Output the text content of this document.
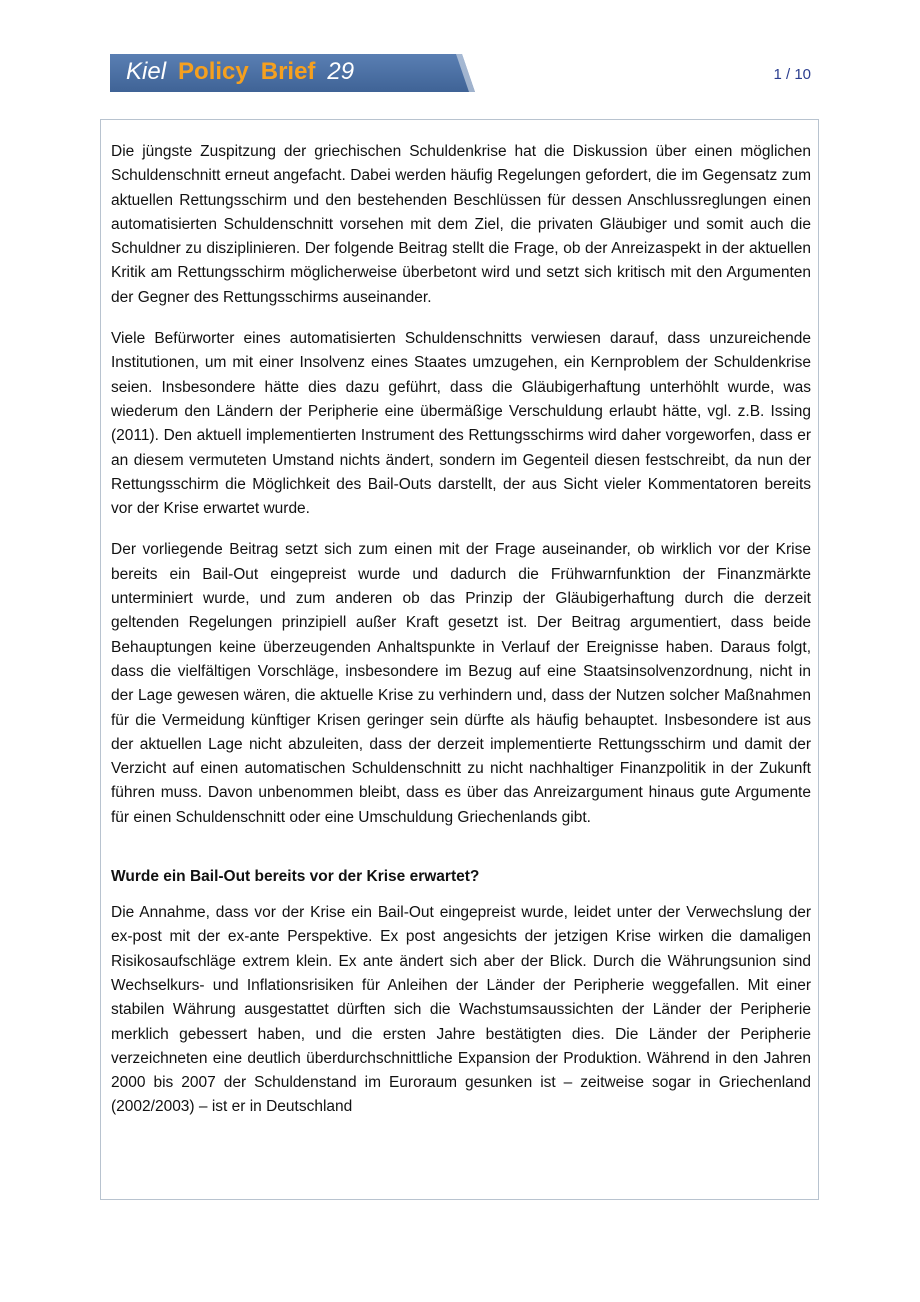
Kiel Policy Brief 29	1 / 10

Die jüngste Zuspitzung der griechischen Schuldenkrise hat die Diskussion über einen möglichen Schuldenschnitt erneut angefacht. Dabei werden häufig Regelungen gefordert, die im Gegensatz zum aktuellen Rettungsschirm und den bestehenden Beschlüssen für dessen Anschlussreglungen einen automatisierten Schuldenschnitt vorsehen mit dem Ziel, die privaten Gläubiger und somit auch die Schuldner zu disziplinieren. Der folgende Beitrag stellt die Frage, ob der Anreizaspekt in der aktuellen Kritik am Rettungsschirm möglicherweise überbetont wird und setzt sich kritisch mit den Argumenten der Gegner des Rettungsschirms auseinander.

Viele Befürworter eines automatisierten Schuldenschnitts verwiesen darauf, dass unzureichende Institutionen, um mit einer Insolvenz eines Staates umzugehen, ein Kernproblem der Schuldenkrise seien. Insbesondere hätte dies dazu geführt, dass die Gläubigerhaftung unterhöhlt wurde, was wiederum den Ländern der Peripherie eine übermäßige Verschuldung erlaubt hätte, vgl. z.B. Issing (2011). Den aktuell implementierten Instrument des Rettungsschirms wird daher vorgeworfen, dass er an diesem vermuteten Umstand nichts ändert, sondern im Gegenteil diesen festschreibt, da nun der Rettungsschirm die Möglichkeit des Bail-Outs darstellt, der aus Sicht vieler Kommentatoren bereits vor der Krise erwartet wurde.

Der vorliegende Beitrag setzt sich zum einen mit der Frage auseinander, ob wirklich vor der Krise bereits ein Bail-Out eingepreist wurde und dadurch die Frühwarnfunktion der Finanzmärkte unterminiert wurde, und zum anderen ob das Prinzip der Gläubigerhaftung durch die derzeit geltenden Regelungen prinzipiell außer Kraft gesetzt ist. Der Beitrag argumentiert, dass beide Behauptungen keine überzeugenden Anhaltspunkte in Verlauf der Ereignisse haben. Daraus folgt, dass die vielfältigen Vorschläge, insbesondere im Bezug auf eine Staatsinsolvenzordnung, nicht in der Lage gewesen wären, die aktuelle Krise zu verhindern und, dass der Nutzen solcher Maßnahmen für die Vermeidung künftiger Krisen geringer sein dürfte als häufig behauptet. Insbesondere ist aus der aktuellen Lage nicht abzuleiten, dass der derzeit implementierte Rettungsschirm und damit der Verzicht auf einen automatischen Schuldenschnitt zu nicht nachhaltiger Finanzpolitik in der Zukunft führen muss. Davon unbenommen bleibt, dass es über das Anreizargument hinaus gute Argumente für einen Schuldenschnitt oder eine Umschuldung Griechenlands gibt.

Wurde ein Bail-Out bereits vor der Krise erwartet?

Die Annahme, dass vor der Krise ein Bail-Out eingepreist wurde, leidet unter der Verwechslung der ex-post mit der ex-ante Perspektive. Ex post angesichts der jetzigen Krise wirken die damaligen Risikosaufschläge extrem klein. Ex ante ändert sich aber der Blick. Durch die Währungsunion sind Wechselkurs- und Inflationsrisiken für Anleihen der Länder der Peripherie weggefallen. Mit einer stabilen Währung ausgestattet dürften sich die Wachstumsaussichten der Länder der Peripherie merklich gebessert haben, und die ersten Jahre bestätigten dies. Die Länder der Peripherie verzeichneten eine deutlich überdurchschnittliche Expansion der Produktion. Während in den Jahren 2000 bis 2007 der Schuldenstand im Euroraum gesunken ist – zeitweise sogar in Griechenland (2002/2003) – ist er in Deutschland
